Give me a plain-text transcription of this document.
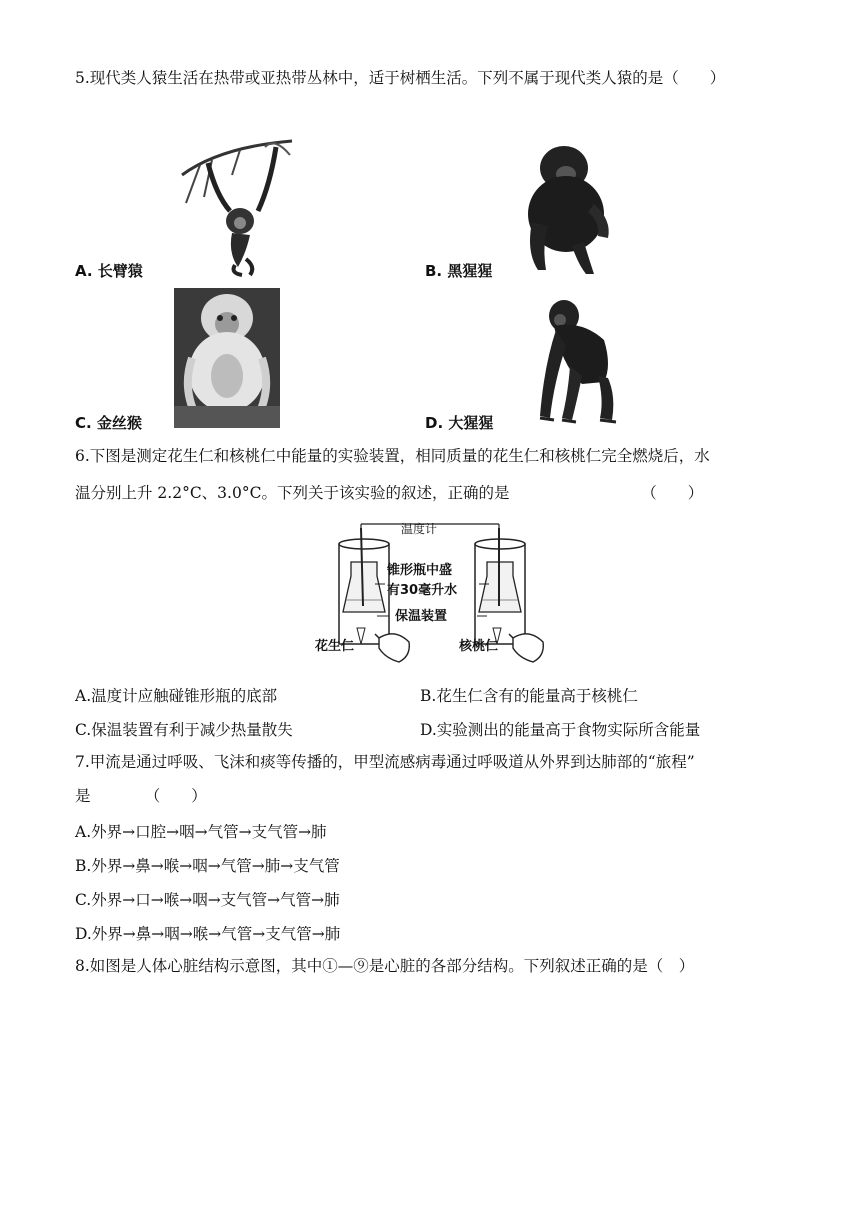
5.现代类人猿生活在热带或亚热带丛林中，适于树栖生活。下列不属于现代类人猿的是（　　）
A. 长臂猿	B. 黑猩猩
C. 金丝猴	D. 大猩猩
6.下图是测定花生仁和核桃仁中能量的实验装置，相同质量的花生仁和核桃仁完全燃烧后，水
温分别上升 2.2°C、3.0°C。下列关于该实验的叙述，正确的是　　　　　　　　　（　　）
温度计
锥形瓶中盛
有30毫升水
保温装置
花生仁	核桃仁
A.温度计应触碰锥形瓶的底部	B.花生仁含有的能量高于核桃仁
C.保温装置有利于减少热量散失	D.实验测出的能量高于食物实际所含能量
7.甲流是通过呼吸、飞沫和痰等传播的，甲型流感病毒通过呼吸道从外界到达肺部的“旅程”
是　　　　（　　）
A.外界→口腔→咽→气管→支气管→肺
B.外界→鼻→喉→咽→气管→肺→支气管
C.外界→口→喉→咽→支气管→气管→肺
D.外界→鼻→咽→喉→气管→支气管→肺
8.如图是人体心脏结构示意图，其中①—⑨是心脏的各部分结构。下列叙述正确的是（　）
